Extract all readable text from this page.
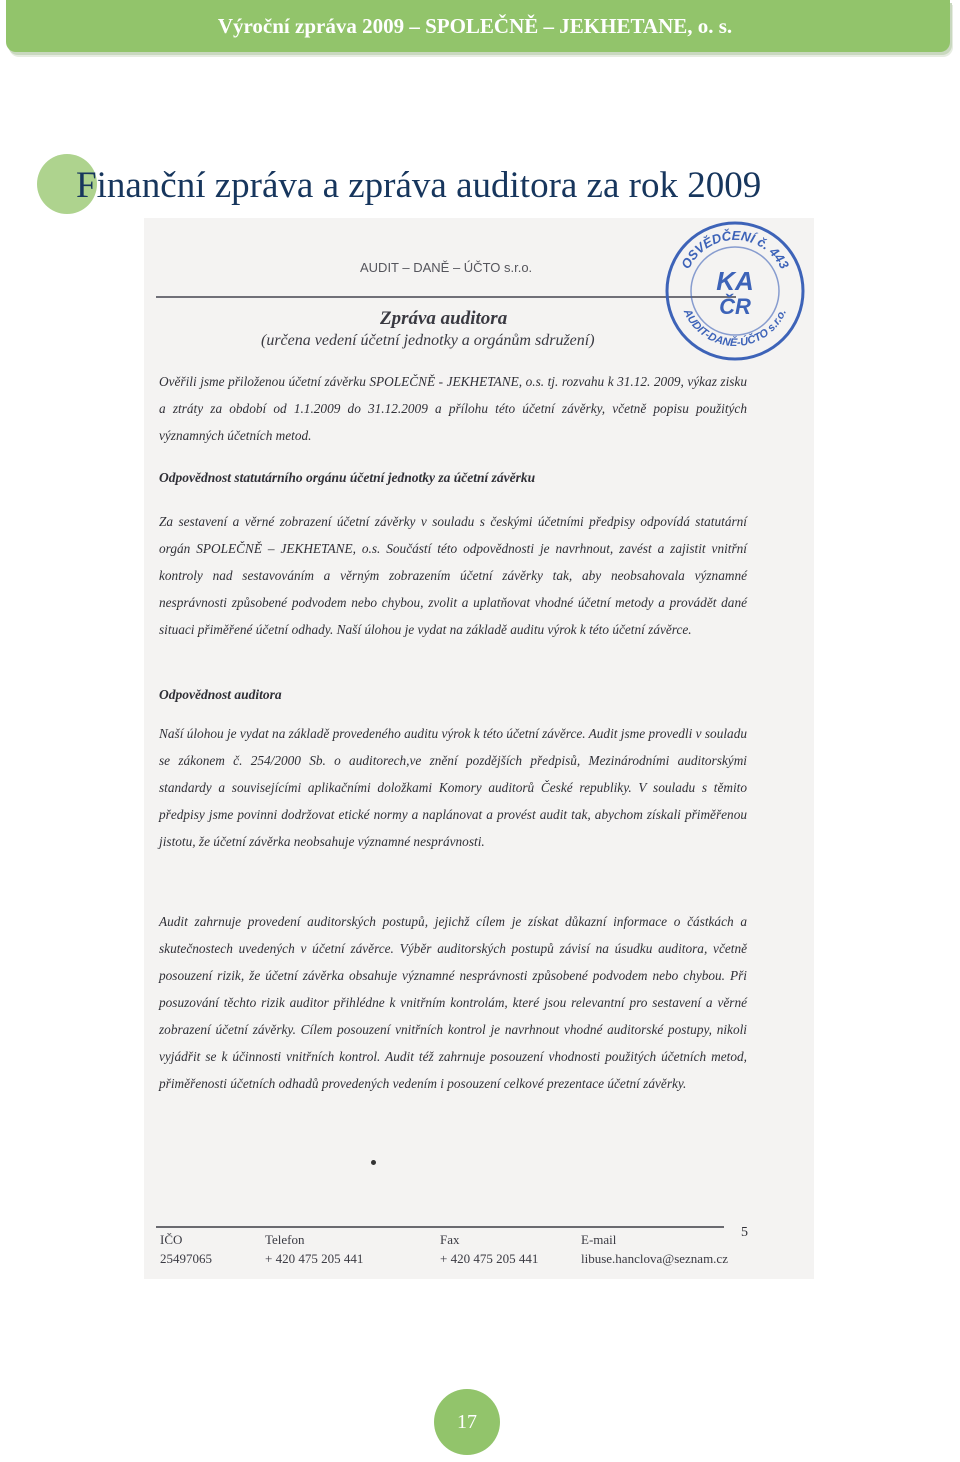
Výroční zpráva 2009 – SPOLEČNĚ – JEKHETANE, o. s.
Finanční zpráva a zpráva auditora za rok 2009
AUDIT – DANĚ – ÚČTO s.r.o.	OSVĚDČENÍ č. 443
AUDIT-DANĚ-ÚČTO s.r.o.
KA
ČR
Zpráva auditora
(určena vedení účetní jednotky a orgánům sdružení)

Ověřili jsme přiloženou účetní závěrku SPOLEČNĚ - JEKHETANE, o.s. tj. rozvahu k 31.12. 2009, výkaz zisku a ztráty za období od 1.1.2009 do 31.12.2009 a přílohu této účetní závěrky, včetně popisu použitých významných účetních metod.

Odpovědnost statutárního orgánu účetní jednotky za účetní závěrku

Za sestavení a věrné zobrazení účetní závěrky v souladu s českými účetními předpisy odpovídá statutární orgán SPOLEČNĚ – JEKHETANE, o.s. Součástí této odpovědnosti je navrhnout, zavést a zajistit vnitřní kontroly nad sestavováním a věrným zobrazením účetní závěrky tak, aby neobsahovala významné nesprávnosti způsobené podvodem nebo chybou, zvolit a uplatňovat vhodné účetní metody a provádět dané situaci přiměřené účetní odhady. Naší úlohou je vydat na základě auditu výrok k této účetní závěrce.

Odpovědnost auditora

Naší úlohou je vydat na základě provedeného auditu výrok k této účetní závěrce. Audit jsme provedli v souladu se zákonem č. 254/2000 Sb. o auditorech,ve znění pozdějších předpisů, Mezinárodními auditorskými standardy a souvisejícími aplikačními doložkami Komory auditorů České republiky. V souladu s těmito předpisy jsme povinni dodržovat etické normy a naplánovat a provést audit tak, abychom získali přiměřenou jistotu, že účetní závěrka neobsahuje významné nesprávnosti.

Audit zahrnuje provedení auditorských postupů, jejichž cílem je získat důkazní informace o částkách a skutečnostech uvedených v účetní závěrce. Výběr auditorských postupů závisí na úsudku auditora, včetně posouzení rizik, že účetní závěrka obsahuje významné nesprávnosti způsobené podvodem nebo chybou. Při posuzování těchto rizik auditor přihlédne k vnitřním kontrolám, které jsou relevantní pro sestavení a věrné zobrazení účetní závěrky. Cílem posouzení vnitřních kontrol je navrhnout vhodné auditorské postupy, nikoli vyjádřit se k účinnosti vnitřních kontrol. Audit též zahrnuje posouzení vhodnosti použitých účetních metod, přiměřenosti účetních odhadů provedených vedením i posouzení celkové prezentace účetní závěrky.

5
IČO
25497065
Telefon
+ 420 475 205 441
Fax
+ 420 475 205 441
E-mail
libuse.hanclova@seznam.cz
17
